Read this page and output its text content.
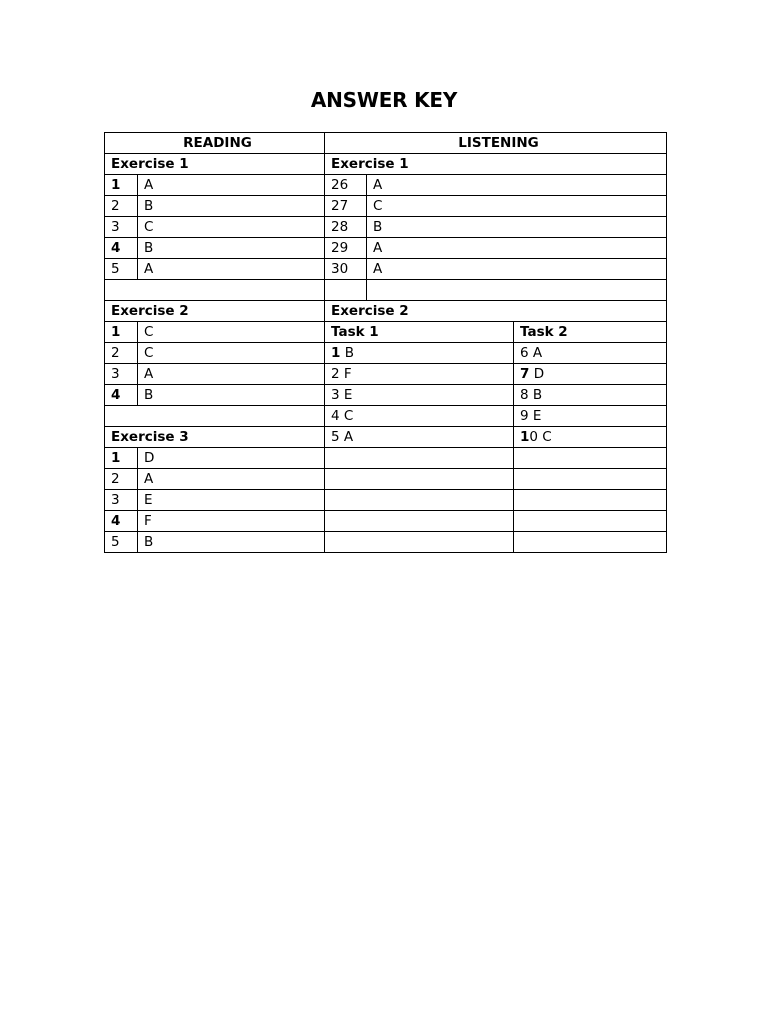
ANSWER KEY
READING		LISTENING		
Exercise 1		Exercise 1		
1	A	26	A	
2	B	27	C	
3	C	28	B	
4	B	29	A	
5	A	30	A	

Exercise 2		Exercise 2		
1	C	Task 1		Task 2
2	C	1 B		6 A
3	A	2 F		7 D
4	B	3 E		8 B
		4 C		9 E
Exercise 3		5 A		10 C
1	D			
2	A			
3	E			
4	F			
5	B			
